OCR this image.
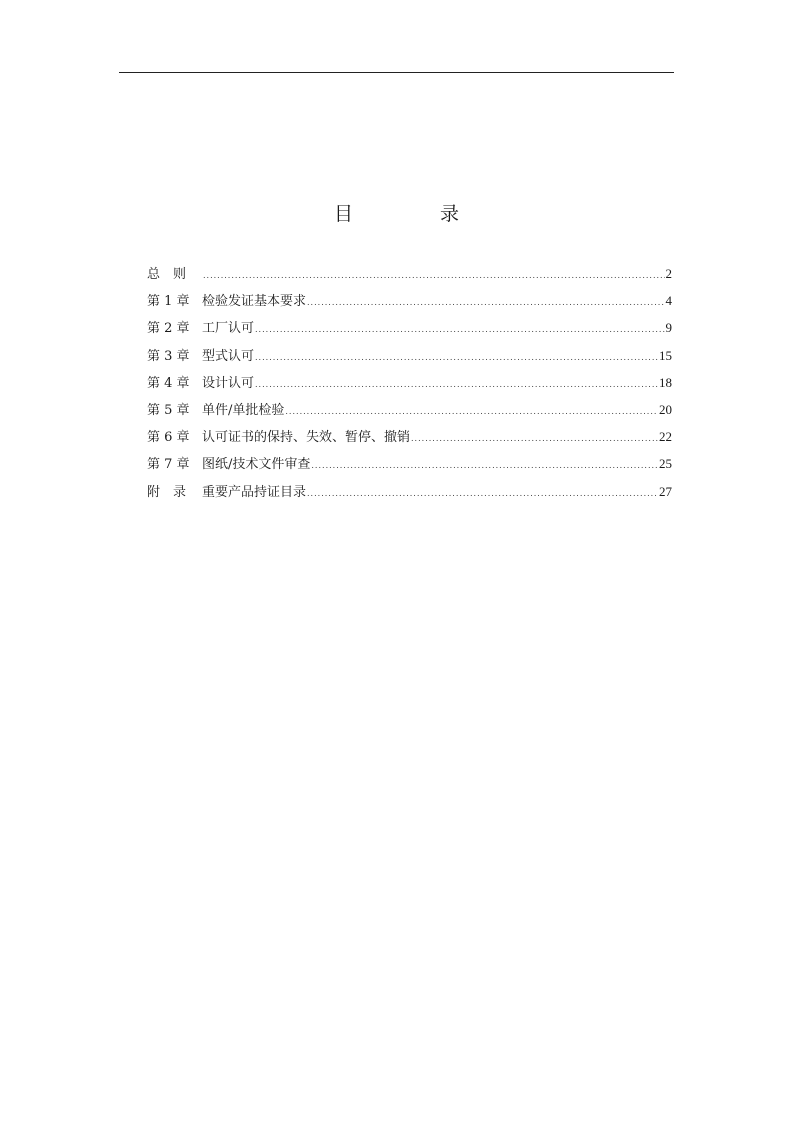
目　录
总　则 .....	2
第 1 章 检验发证基本要求 .....	4
第 2 章 工厂认可 .....	9
第 3 章 型式认可 .....	15
第 4 章 设计认可 .....	18
第 5 章 单件/单批检验 .....	20
第 6 章 认可证书的保持、失效、暂停、撤销 .....	22
第 7 章 图纸/技术文件审查 .....	25
附　录	重要产品持证目录 .....	27
